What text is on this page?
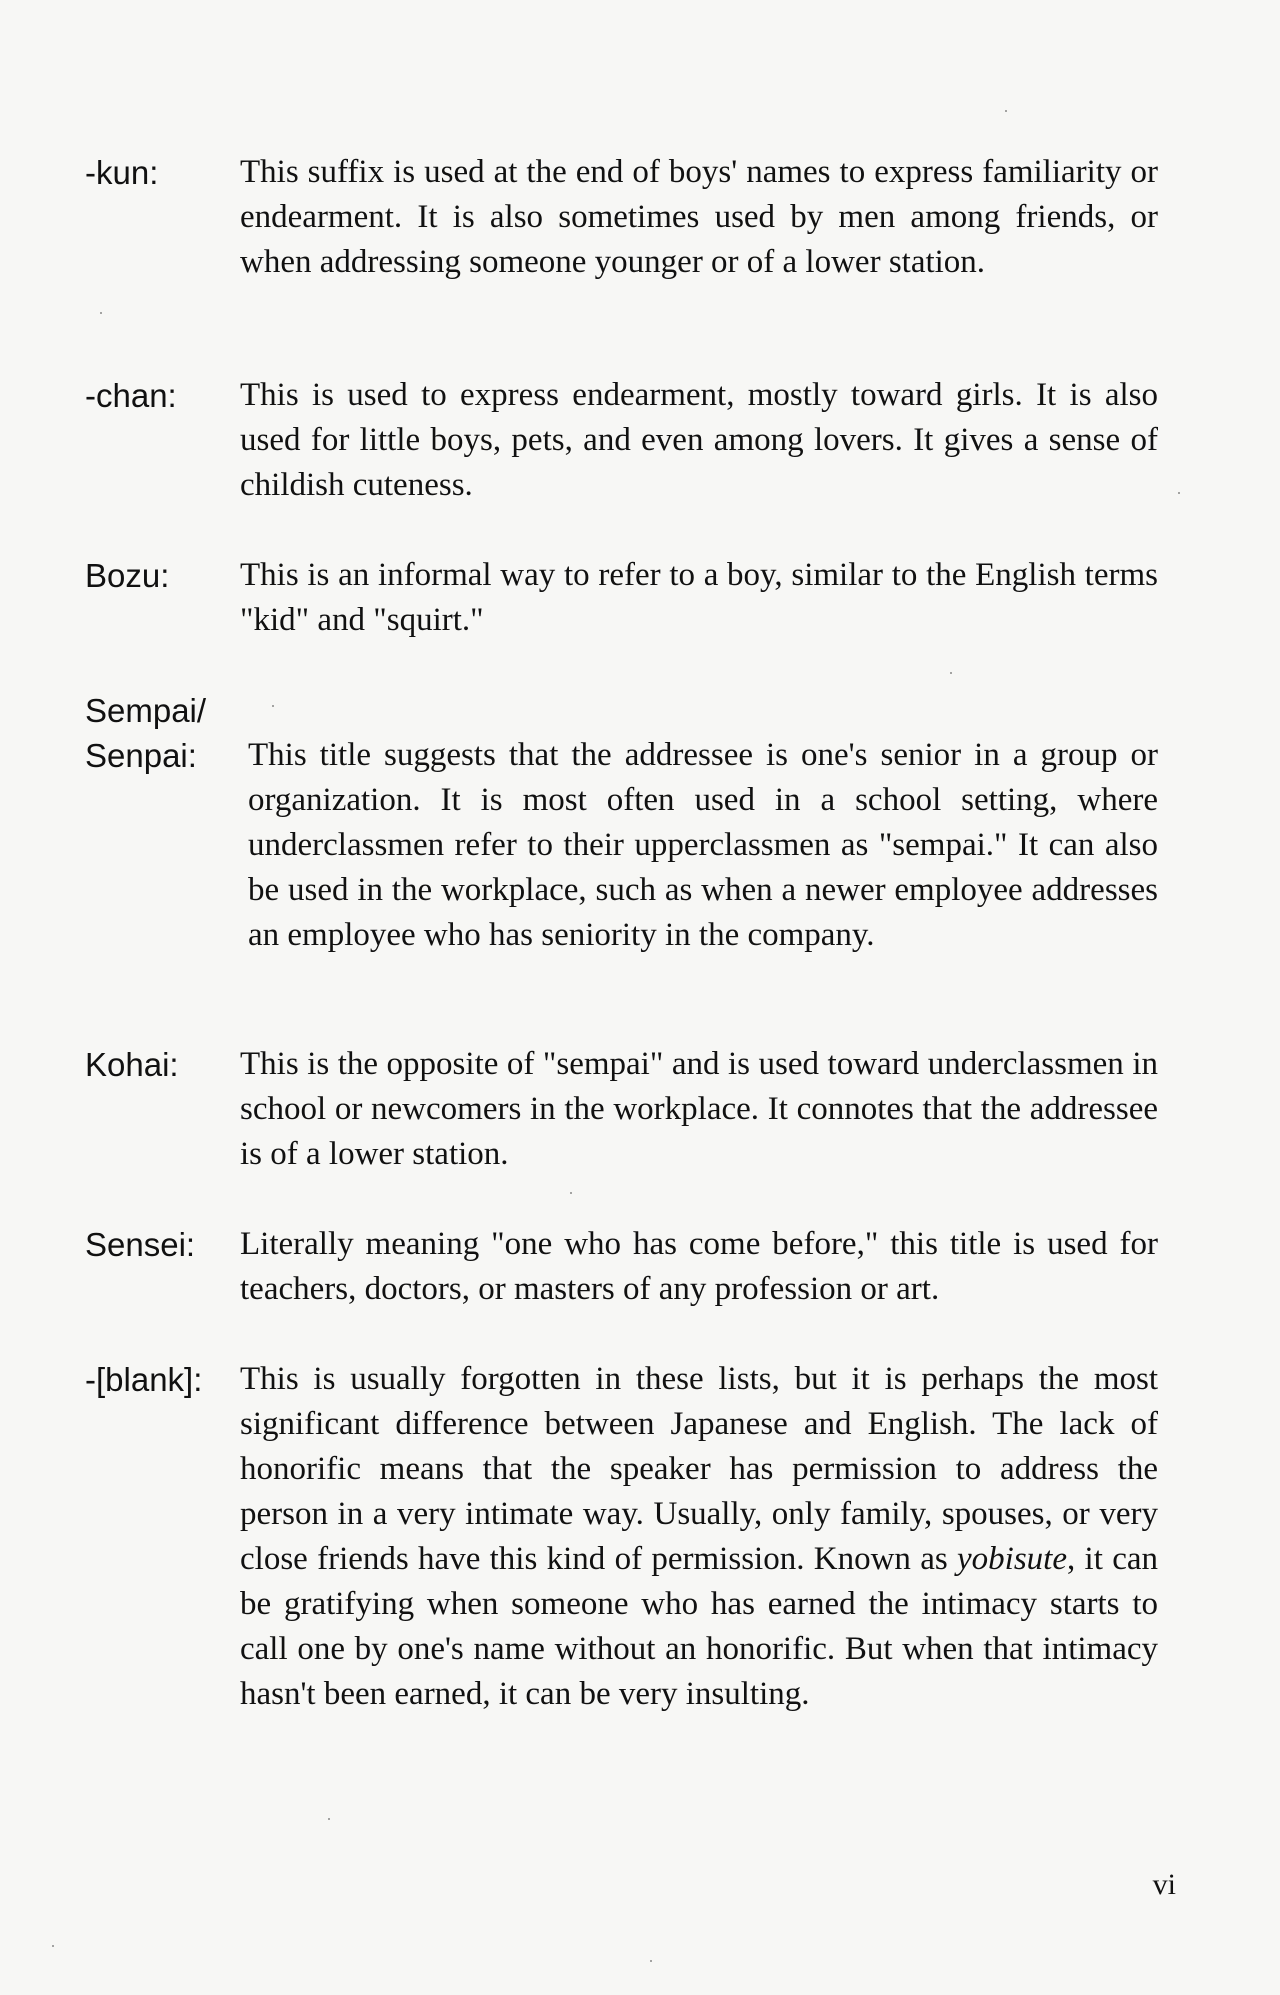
-kun: This suffix is used at the end of boys' names to express familiarity or endearment. It is also sometimes used by men among friends, or when addressing someone younger or of a lower station.
-chan: This is used to express endearment, mostly toward girls. It is also used for little boys, pets, and even among lovers. It gives a sense of childish cuteness.
Bozu: This is an informal way to refer to a boy, similar to the English terms "kid" and "squirt."
Sempai/
Senpai: This title suggests that the addressee is one's senior in a group or organization. It is most often used in a school setting, where underclassmen refer to their upperclassmen as "sempai." It can also be used in the workplace, such as when a newer employee addresses an employee who has seniority in the company.
Kohai: This is the opposite of "sempai" and is used toward underclassmen in school or newcomers in the workplace. It connotes that the addressee is of a lower station.
Sensei: Literally meaning "one who has come before," this title is used for teachers, doctors, or masters of any profession or art.
-[blank]: This is usually forgotten in these lists, but it is perhaps the most significant difference between Japanese and English. The lack of honorific means that the speaker has permission to address the person in a very intimate way. Usually, only family, spouses, or very close friends have this kind of permission. Known as yobisute, it can be gratifying when someone who has earned the intimacy starts to call one by one's name without an honorific. But when that intimacy hasn't been earned, it can be very insulting.
vi
